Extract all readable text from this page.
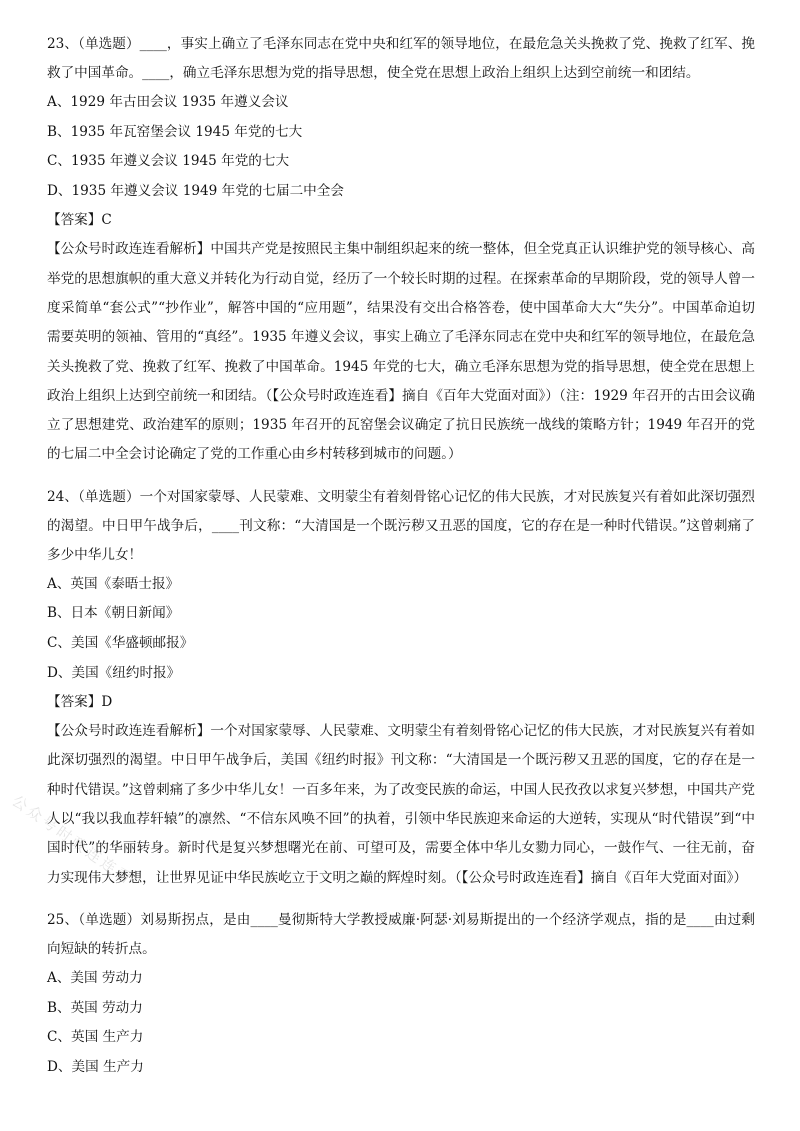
23、（单选题）____，事实上确立了毛泽东同志在党中央和红军的领导地位，在最危急关头挽救了党、挽救了红军、挽救了中国革命。____，确立毛泽东思想为党的指导思想，使全党在思想上政治上组织上达到空前统一和团结。

A、1929 年古田会议 1935 年遵义会议

B、1935 年瓦窑堡会议 1945 年党的七大

C、1935 年遵义会议 1945 年党的七大

D、1935 年遵义会议 1949 年党的七届二中全会

【答案】C

【公众号时政连连看解析】中国共产党是按照民主集中制组织起来的统一整体，但全党真正认识维护党的领导核心、高举党的思想旗帜的重大意义并转化为行动自觉，经历了一个较长时期的过程。在探索革命的早期阶段，党的领导人曾一度采简单“套公式”“抄作业”，解答中国的“应用题”，结果没有交出合格答卷，使中国革命大大“失分”。中国革命迫切需要英明的领袖、管用的“真经”。1935 年遵义会议，事实上确立了毛泽东同志在党中央和红军的领导地位，在最危急关头挽救了党、挽救了红军、挽救了中国革命。1945 年党的七大，确立毛泽东思想为党的指导思想，使全党在思想上政治上组织上达到空前统一和团结。（【公众号时政连连看】摘自《百年大党面对面》）（注：1929 年召开的古田会议确立了思想建党、政治建军的原则；1935 年召开的瓦窑堡会议确定了抗日民族统一战线的策略方针；1949 年召开的党的七届二中全会讨论确定了党的工作重心由乡村转移到城市的问题。）

24、（单选题）一个对国家蒙辱、人民蒙难、文明蒙尘有着刻骨铭心记忆的伟大民族，才对民族复兴有着如此深切强烈的渴望。中日甲午战争后，____刊文称：“大清国是一个既污秽又丑恶的国度，它的存在是一种时代错误。”这曾刺痛了多少中华儿女！

A、英国《泰晤士报》

B、日本《朝日新闻》

C、美国《华盛顿邮报》

D、美国《纽约时报》

【答案】D

【公众号时政连连看解析】一个对国家蒙辱、人民蒙难、文明蒙尘有着刻骨铭心记忆的伟大民族，才对民族复兴有着如此深切强烈的渴望。中日甲午战争后，美国《纽约时报》刊文称：“大清国是一个既污秽又丑恶的国度，它的存在是一种时代错误。”这曾刺痛了多少中华儿女！一百多年来，为了改变民族的命运，中国人民孜孜以求复兴梦想，中国共产党人以“我以我血荐轩辕”的凛然、“不信东风唤不回”的执着，引领中华民族迎来命运的大逆转，实现从“时代错误”到“中国时代”的华丽转身。新时代是复兴梦想曙光在前、可望可及，需要全体中华儿女勠力同心，一鼓作气、一往无前，奋力实现伟大梦想，让世界见证中华民族屹立于文明之巅的辉煌时刻。（【公众号时政连连看】摘自《百年大党面对面》）

25、（单选题）刘易斯拐点，是由____曼彻斯特大学教授威廉·阿瑟·刘易斯提出的一个经济学观点，指的是____由过剩向短缺的转折点。

A、美国 劳动力

B、英国 劳动力

C、英国 生产力

D、美国 生产力

公众号时政连连看
